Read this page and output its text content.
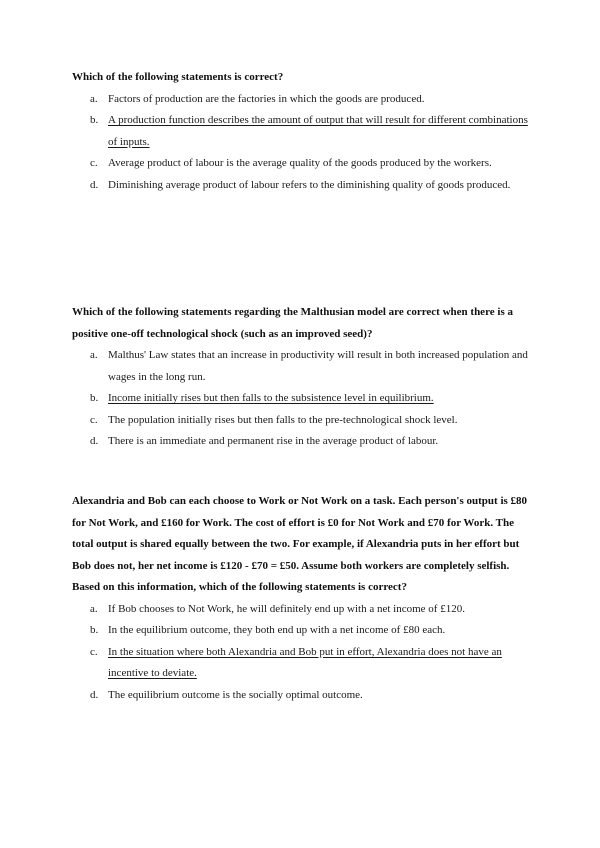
Which of the following statements is correct?

a. Factors of production are the factories in which the goods are produced.
b. A production function describes the amount of output that will result for different combinations of inputs.
c. Average product of labour is the average quality of the goods produced by the workers.
d. Diminishing average product of labour refers to the diminishing quality of goods produced.

Which of the following statements regarding the Malthusian model are correct when there is a positive one-off technological shock (such as an improved seed)?

a. Malthus' Law states that an increase in productivity will result in both increased population and wages in the long run.
b. Income initially rises but then falls to the subsistence level in equilibrium.
c. The population initially rises but then falls to the pre-technological shock level.
d. There is an immediate and permanent rise in the average product of labour.

Alexandria and Bob can each choose to Work or Not Work on a task. Each person's output is £80 for Not Work, and £160 for Work. The cost of effort is £0 for Not Work and £70 for Work. The total output is shared equally between the two. For example, if Alexandria puts in her effort but Bob does not, her net income is £120 - £70 = £50. Assume both workers are completely selfish. Based on this information, which of the following statements is correct?

a. If Bob chooses to Not Work, he will definitely end up with a net income of £120.
b. In the equilibrium outcome, they both end up with a net income of £80 each.
c. In the situation where both Alexandria and Bob put in effort, Alexandria does not have an incentive to deviate.
d. The equilibrium outcome is the socially optimal outcome.
